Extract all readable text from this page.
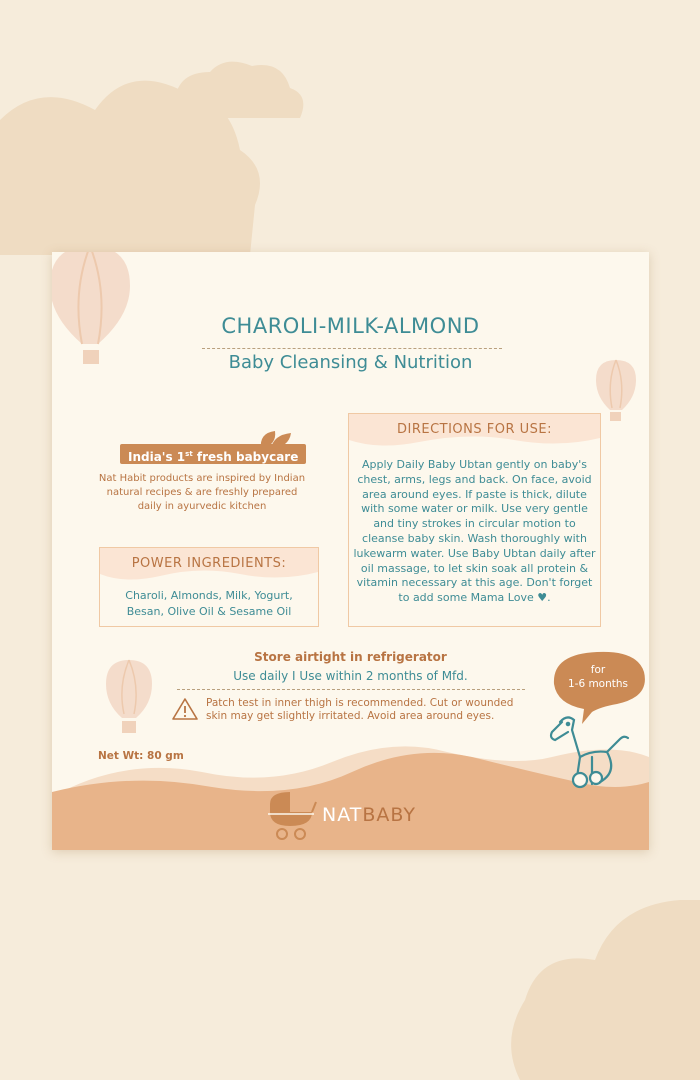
CHAROLI-MILK-ALMOND
Baby Cleansing & Nutrition
India's 1st fresh babycare
Nat Habit products are inspired by Indian natural recipes & are freshly prepared daily in ayurvedic kitchen
POWER INGREDIENTS:
Charoli, Almonds, Milk, Yogurt, Besan, Olive Oil & Sesame Oil
DIRECTIONS FOR USE:
Apply Daily Baby Ubtan gently on baby's chest, arms, legs and back. On face, avoid area around eyes. If paste is thick, dilute with some water or milk. Use very gentle and tiny strokes in circular motion to cleanse baby skin. Wash thoroughly with lukewarm water. Use Baby Ubtan daily after oil massage, to let skin soak all protein & vitamin necessary at this age. Don't forget to add some Mama Love ♥.
Store airtight in refrigerator
Use daily I Use within 2 months of Mfd.
Patch test in inner thigh is recommended. Cut or wounded skin may get slightly irritated. Avoid area around eyes.
Net Wt: 80 gm
for
1-6 months
NATBABY
